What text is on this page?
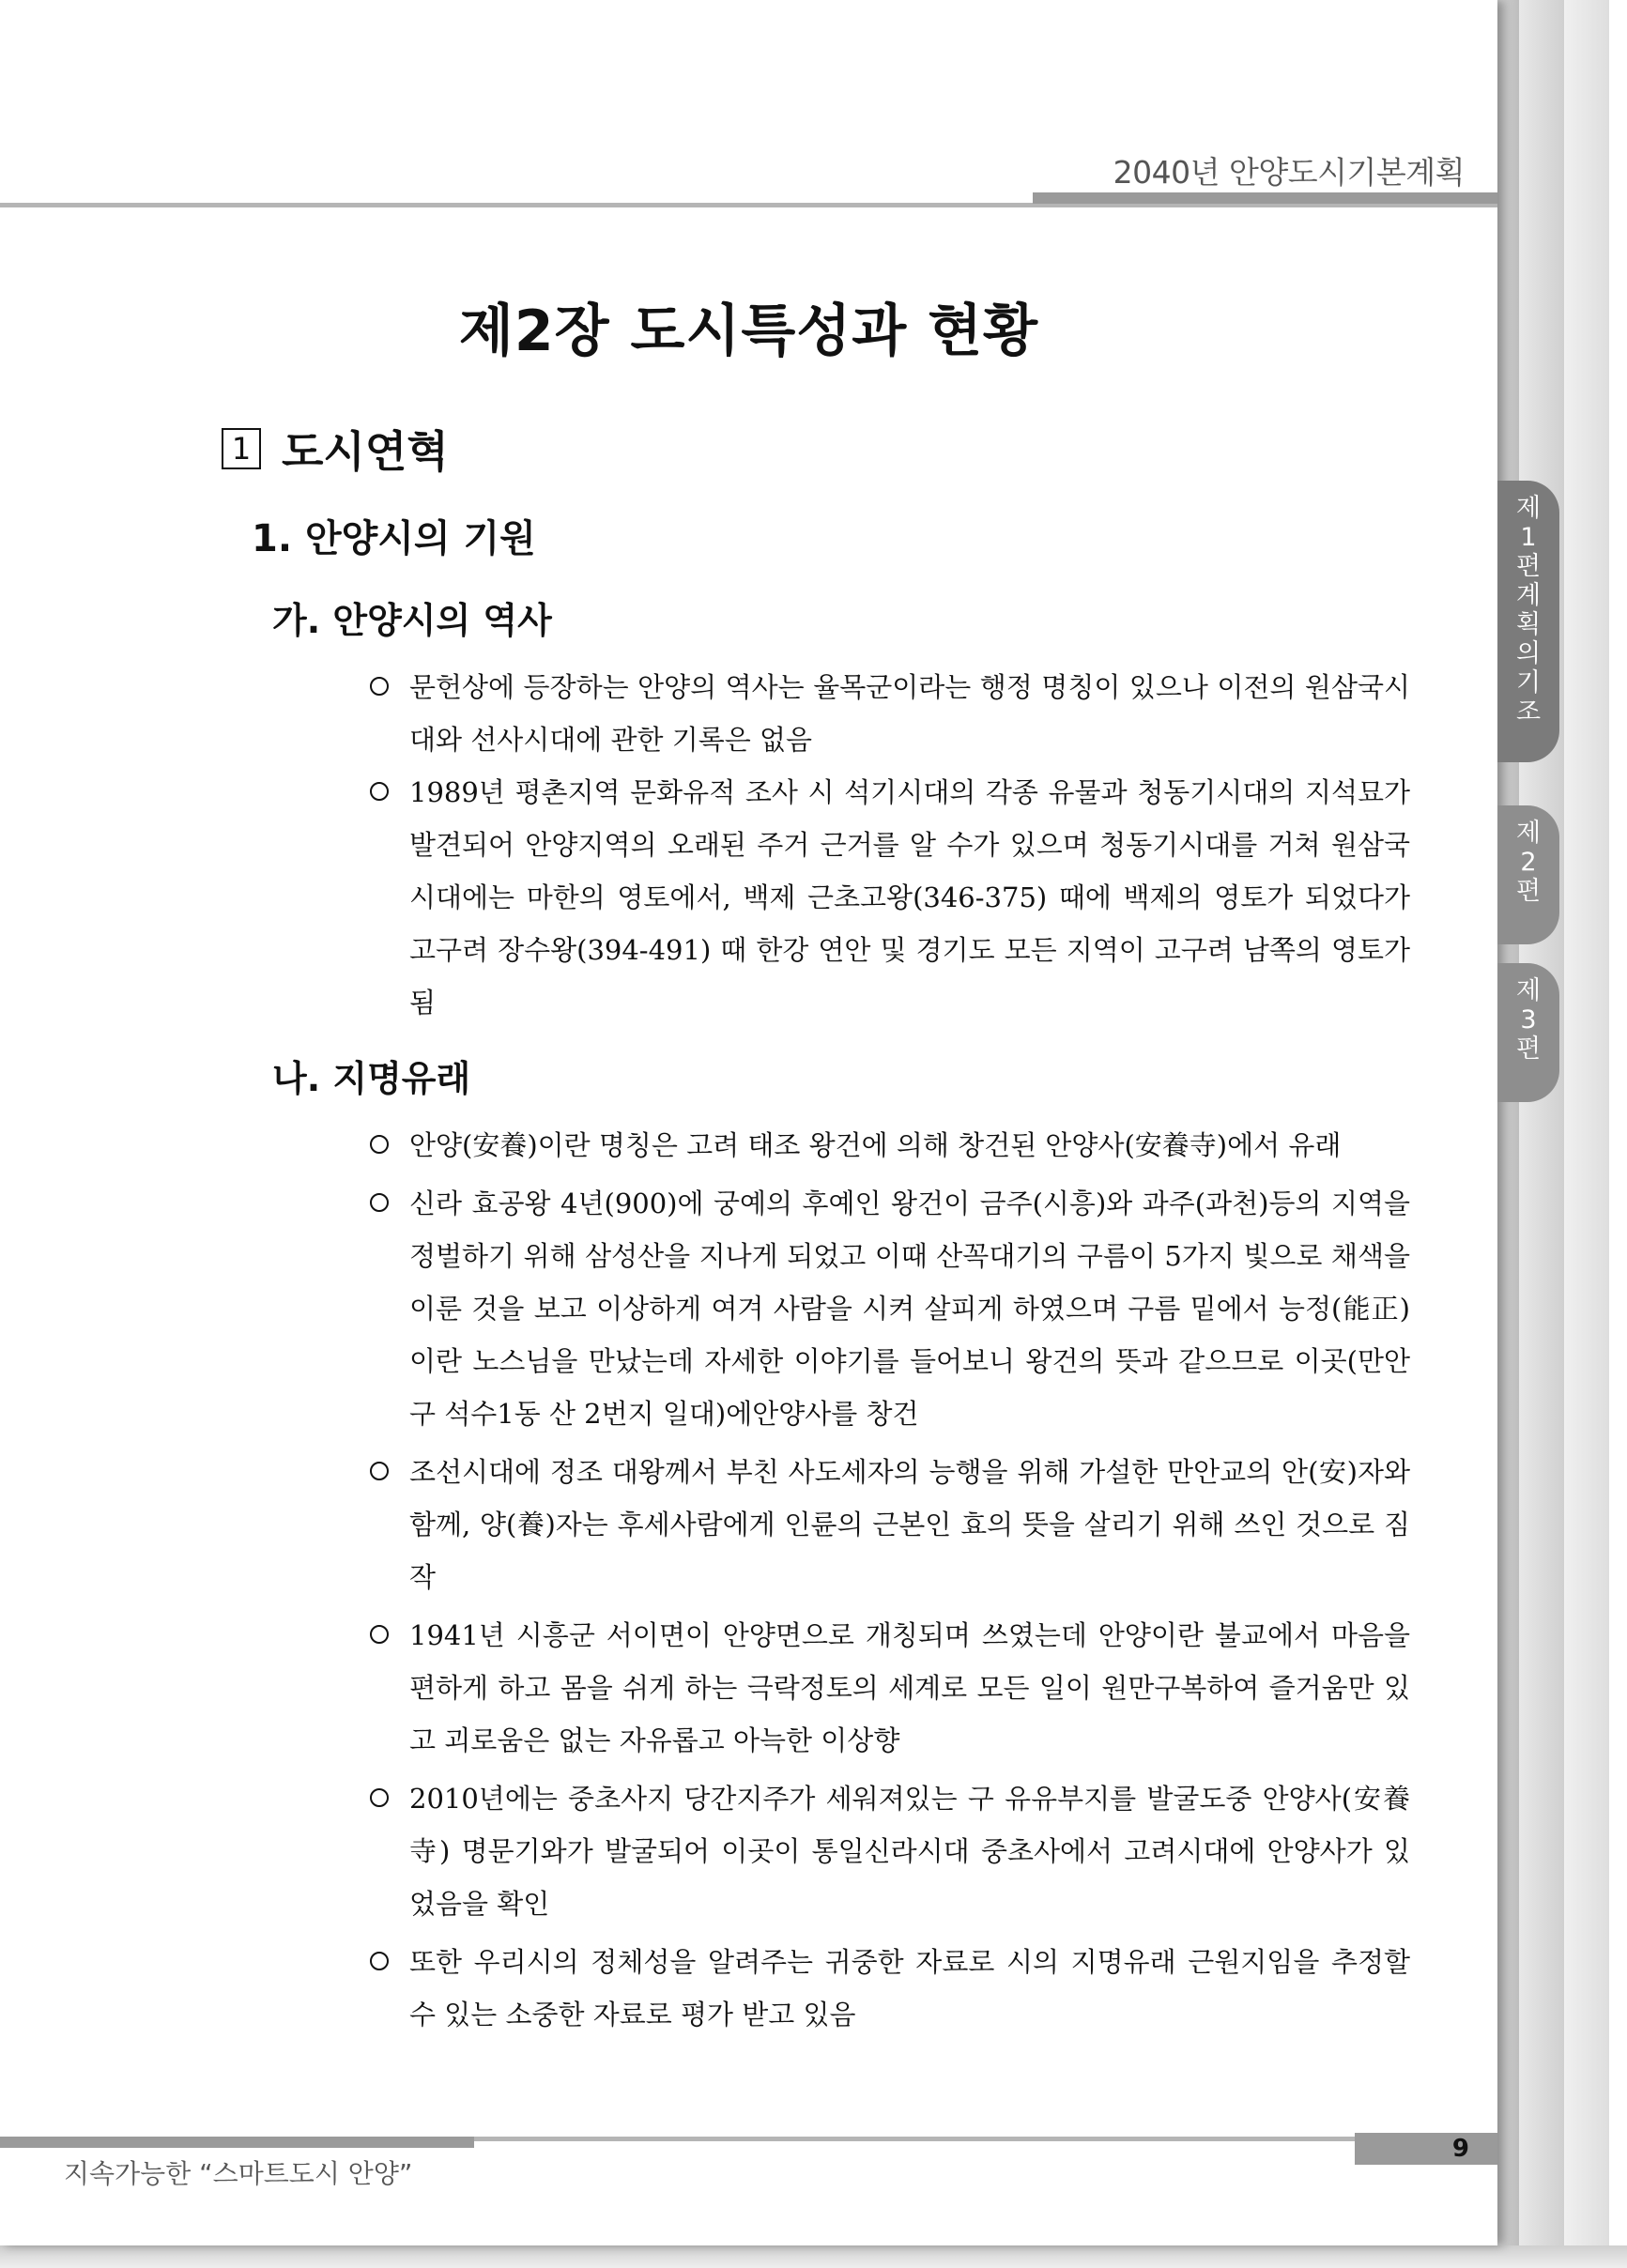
2040년 안양도시기본계획
제2장 도시특성과 현황
1 도시연혁
1. 안양시의 기원
가. 안양시의 역사

문헌상에 등장하는 안양의 역사는 율목군이라는 행정 명칭이 있으나 이전의 원삼국시대와 선사시대에 관한 기록은 없음

1989년 평촌지역 문화유적 조사 시 석기시대의 각종 유물과 청동기시대의 지석묘가 발견되어 안양지역의 오래된 주거 근거를 알 수가 있으며 청동기시대를 거쳐 원삼국시대에는 마한의 영토에서, 백제 근초고왕(346-375) 때에 백제의 영토가 되었다가 고구려 장수왕(394-491) 때 한강 연안 및 경기도 모든 지역이 고구려 남쪽의 영토가 됨

나. 지명유래

안양(安養)이란 명칭은 고려 태조 왕건에 의해 창건된 안양사(安養寺)에서 유래

신라 효공왕 4년(900)에 궁예의 후예인 왕건이 금주(시흥)와 과주(과천)등의 지역을 정벌하기 위해 삼성산을 지나게 되었고 이때 산꼭대기의 구름이 5가지 빛으로 채색을 이룬 것을 보고 이상하게 여겨 사람을 시켜 살피게 하였으며 구름 밑에서 능정(能正)이란 노스님을 만났는데 자세한 이야기를 들어보니 왕건의 뜻과 같으므로 이곳(만안구 석수1동 산 2번지 일대)에안양사를 창건

조선시대에 정조 대왕께서 부친 사도세자의 능행을 위해 가설한 만안교의 안(安)자와 함께, 양(養)자는 후세사람에게 인륜의 근본인 효의 뜻을 살리기 위해 쓰인 것으로 짐작

1941년 시흥군 서이면이 안양면으로 개칭되며 쓰였는데 안양이란 불교에서 마음을 편하게 하고 몸을 쉬게 하는 극락정토의 세계로 모든 일이 원만구복하여 즐거움만 있고 괴로움은 없는 자유롭고 아늑한 이상향

2010년에는 중초사지 당간지주가 세워져있는 구 유유부지를 발굴도중 안양사(安養寺) 명문기와가 발굴되어 이곳이 통일신라시대 중초사에서 고려시대에 안양사가 있었음을 확인

또한 우리시의 정체성을 알려주는 귀중한 자료로 시의 지명유래 근원지임을 추정할 수 있는 소중한 자료로 평가 받고 있음

지속가능한 “스마트도시 안양”
9
제
1
편
계
획
의
기
조
제
2
편
제
3
편
